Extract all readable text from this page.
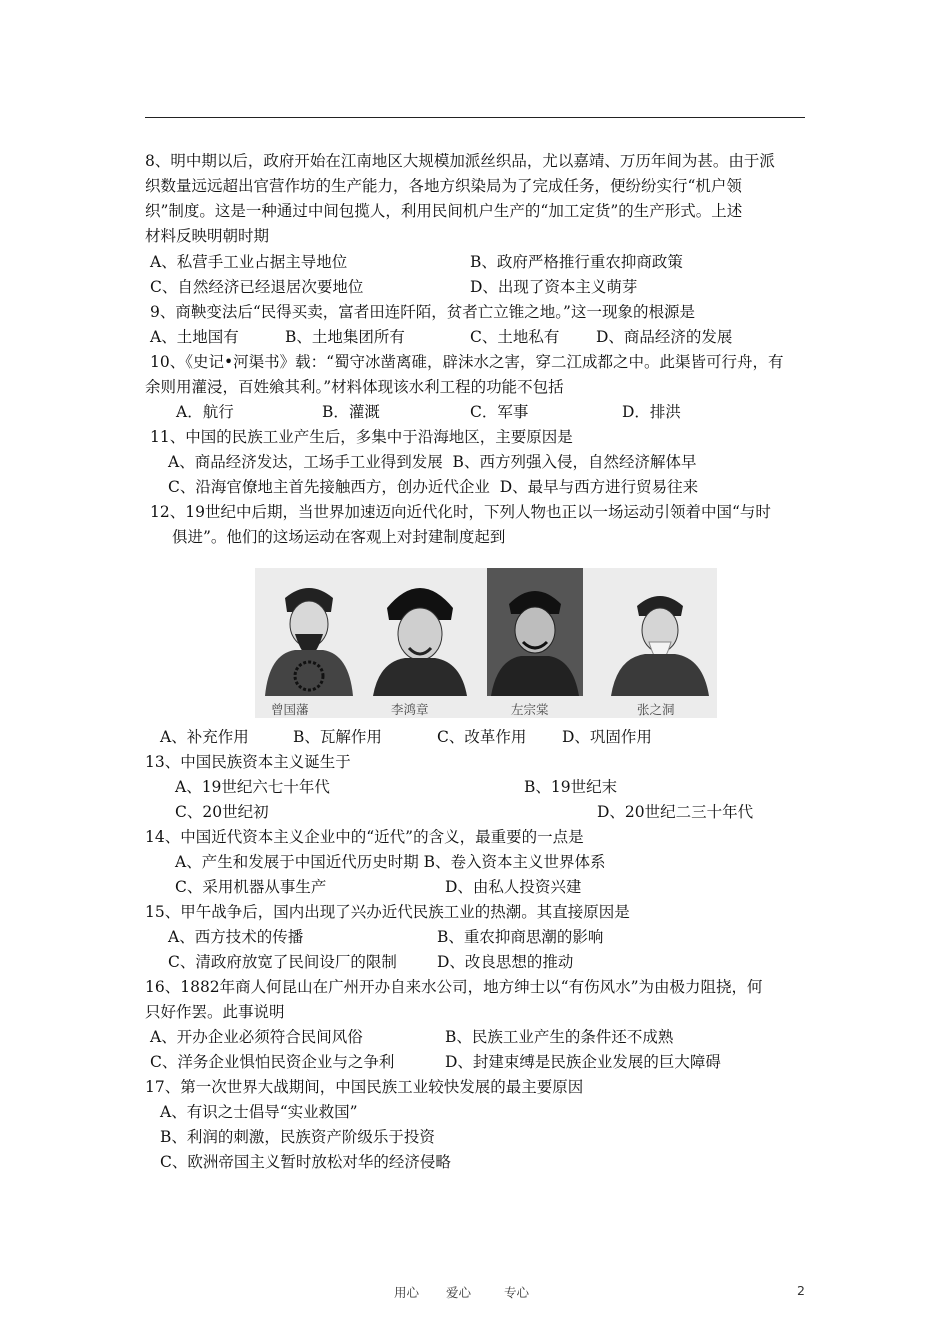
8、明中期以后，政府开始在江南地区大规模加派丝织品，尤以嘉靖、万历年间为甚。由于派
织数量远远超出官营作坊的生产能力，各地方织染局为了完成任务，便纷纷实行“机户领
织”制度。这是一种通过中间包揽人，利用民间机户生产的“加工定货”的生产形式。上述
材料反映明朝时期
A、私营手工业占据主导地位	B、政府严格推行重农抑商政策
C、自然经济已经退居次要地位	D、出现了资本主义萌芽
9、商鞅变法后“民得买卖，富者田连阡陌，贫者亡立锥之地。”这一现象的根源是
A、土地国有	B、土地集团所有	C、土地私有 D、商品经济的发展
10、《史记•河渠书》载：“蜀守冰凿离碓，辟沫水之害，穿二江成都之中。此渠皆可行舟，有
余则用灌浸，百姓飨其利。”材料体现该水利工程的功能不包括
A．航行	B．灌溉	C．军事	D．排洪
11、中国的民族工业产生后，多集中于沿海地区，主要原因是
A、商品经济发达，工场手工业得到发展  B、西方列强入侵，自然经济解体早
C、沿海官僚地主首先接触西方，创办近代企业  D、最早与西方进行贸易往来
12、19世纪中后期，当世界加速迈向近代化时，下列人物也正以一场运动引领着中国“与时
俱进”。他们的这场运动在客观上对封建制度起到
A、补充作用	B、瓦解作用	C、改革作用 D、巩固作用
13、中国民族资本主义诞生于
A、19世纪六七十年代	B、19世纪末
C、20世纪初	D、20世纪二三十年代
14、中国近代资本主义企业中的“近代”的含义，最重要的一点是
A、产生和发展于中国近代历史时期 B、卷入资本主义世界体系
C、采用机器从事生产	D、由私人投资兴建
15、甲午战争后，国内出现了兴办近代民族工业的热潮。其直接原因是
A、西方技术的传播	B、重农抑商思潮的影响
C、清政府放宽了民间设厂的限制	D、改良思想的推动
16、1882年商人何昆山在广州开办自来水公司，地方绅士以“有伤风水”为由极力阻挠，何
只好作罢。此事说明
A、开办企业必须符合民间风俗	B、民族工业产生的条件还不成熟
C、洋务企业惧怕民资企业与之争利	D、封建束缚是民族企业发展的巨大障碍
17、第一次世界大战期间，中国民族工业较快发展的最主要原因
A、有识之士倡导“实业救国”
B、利润的刺激，民族资产阶级乐于投资
C、欧洲帝国主义暂时放松对华的经济侵略
曾国藩	李鸿章	左宗棠	张之洞
用心 爱心	专心	2
